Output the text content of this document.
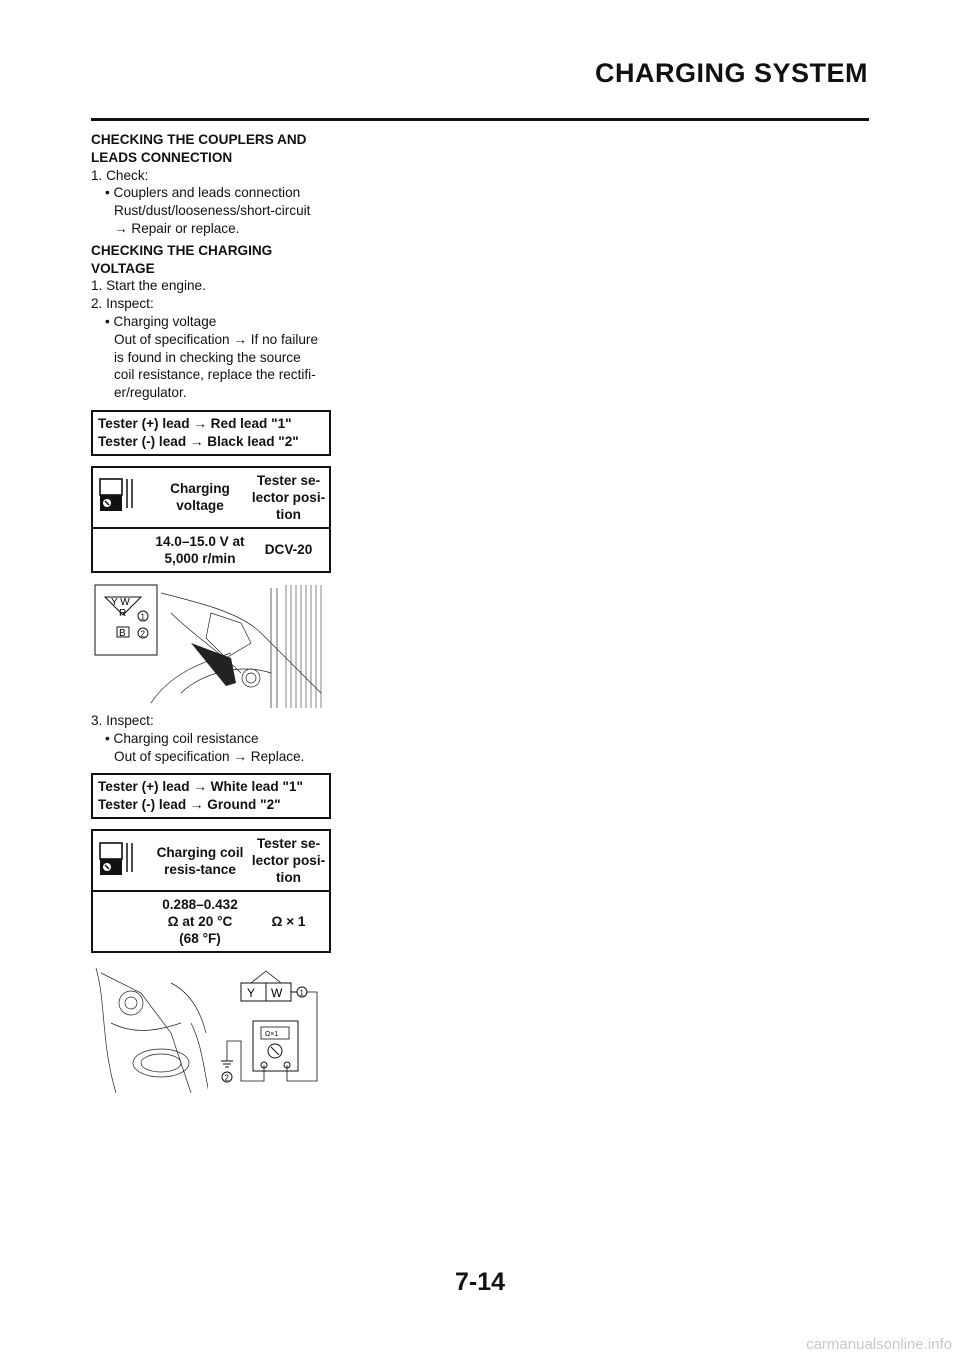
CHARGING SYSTEM

CHECKING THE COUPLERS AND

LEADS CONNECTION

1. Check:

• Couplers and leads connection

Rust/dust/looseness/short-circuit

→ Repair or replace.

CHECKING THE CHARGING

VOLTAGE

1. Start the engine.

2. Inspect:

• Charging voltage

Out of specification → If no failure

is found in checking the source

coil resistance, replace the rectifi-

er/regulator.

Tester (+) lead → Red lead "1"
Tester (-) lead → Black lead "2"
	Charging voltage	Tester se-lector posi-tion
	14.0–15.0 V at 5,000 r/min	DCV-20
Y W
R
B
1
2

3. Inspect:

• Charging coil resistance

Out of specification → Replace.

Tester (+) lead → White lead "1"
Tester (-) lead → Ground "2"
	Charging coil resis-tance	Tester se-lector posi-tion

	0.288–0.432
Ω at 20 °C
(68 °F)	Ω × 1
Y W 1
Ω×1
2
7-14
carmanualsonline.info
